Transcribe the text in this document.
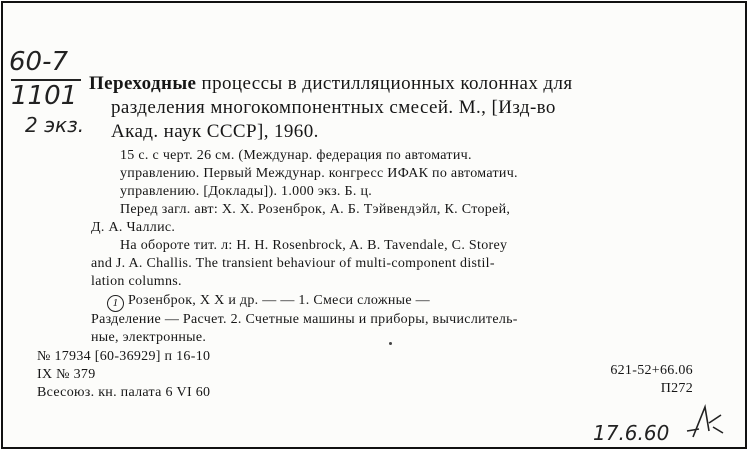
60-7
1101
2 экз.
Переходные процессы в дистилляционных колоннах для
разделения многокомпонентных смесей. М., [Изд-во
Акад. наук СССР], 1960.
15 с. с черт. 26 см. (Междунар. федерация по автоматич.
управлению. Первый Междунар. конгресс ИФАК по автоматич.
управлению. [Доклады]). 1.000 экз. Б. ц.
Перед загл. авт: Х. Х. Розенброк, А. Б. Тэйвендэйл, К. Сторей,
Д. А. Чаллис.
На обороте тит. л: H. H. Rosenbrock, A. B. Tavendale, C. Storey
and J. A. Challis. The transient behaviour of multi-component distil-
lation columns.
1 Розенброк, Х Х и др. — — 1. Смеси сложные —
Разделение — Расчет. 2. Счетные машины и приборы, вычислитель-
ные, электронные.
№ 17934 [60-36929] п 16-10
IX № 379
Всесоюз. кн. палата 6 VI 60
621-52+66.06
П272
17.6.60
